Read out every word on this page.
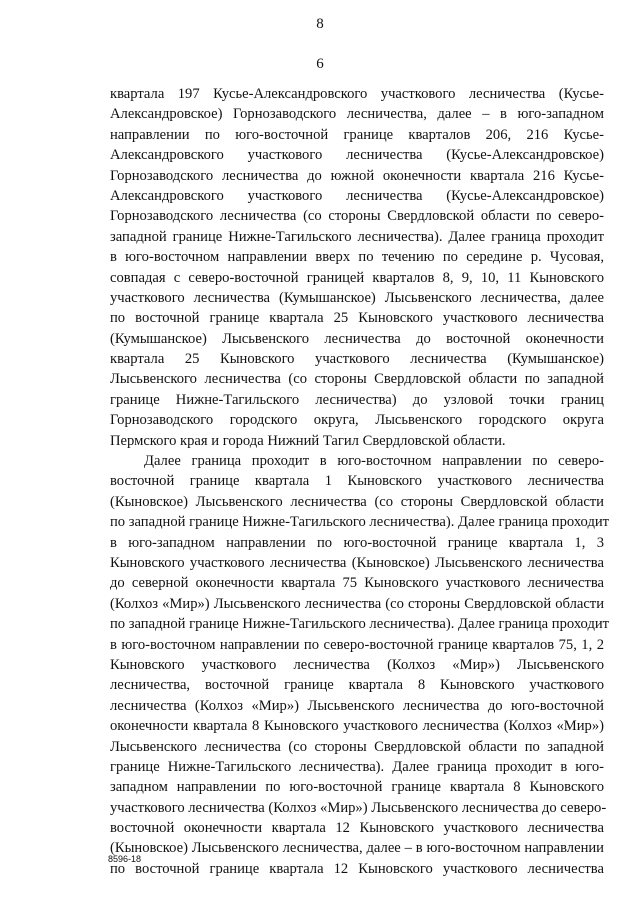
8
6
квартала 197 Кусье-Александровского участкового лесничества (Кусье-
Александровское) Горнозаводского лесничества, далее – в юго-западном
направлении по юго-восточной границе кварталов 206, 216 Кусье-
Александровского участкового лесничества (Кусье-Александровское)
Горнозаводского лесничества до южной оконечности квартала 216 Кусье-
Александровского участкового лесничества (Кусье-Александровское)
Горнозаводского лесничества (со стороны Свердловской области по северо-
западной границе Нижне-Тагильского лесничества). Далее граница проходит
в юго-восточном направлении вверх по течению по середине р. Чусовая,
совпадая с северо-восточной границей кварталов 8, 9, 10, 11 Кыновского
участкового лесничества (Кумышанское) Лысьвенского лесничества, далее
по восточной границе квартала 25 Кыновского участкового лесничества
(Кумышанское) Лысьвенского лесничества до восточной оконечности
квартала 25 Кыновского участкового лесничества (Кумышанское)
Лысьвенского лесничества (со стороны Свердловской области по западной
границе Нижне-Тагильского лесничества) до узловой точки границ
Горнозаводского городского округа, Лысьвенского городского округа
Пермского края и города Нижний Тагил Свердловской области.
Далее граница проходит в юго-восточном направлении по северо-
восточной границе квартала 1 Кыновского участкового лесничества
(Кыновское) Лысьвенского лесничества (со стороны Свердловской области
по западной границе Нижне-Тагильского лесничества). Далее граница проходит
в юго-западном направлении по юго-восточной границе квартала 1, 3
Кыновского участкового лесничества (Кыновское) Лысьвенского лесничества
до северной оконечности квартала 75 Кыновского участкового лесничества
(Колхоз «Мир») Лысьвенского лесничества (со стороны Свердловской области
по западной границе Нижне-Тагильского лесничества). Далее граница проходит
в юго-восточном направлении по северо-восточной границе кварталов 75, 1, 2
Кыновского участкового лесничества (Колхоз «Мир») Лысьвенского
лесничества, восточной границе квартала 8 Кыновского участкового
лесничества (Колхоз «Мир») Лысьвенского лесничества до юго-восточной
оконечности квартала 8 Кыновского участкового лесничества (Колхоз «Мир»)
Лысьвенского лесничества (со стороны Свердловской области по западной
границе Нижне-Тагильского лесничества). Далее граница проходит в юго-
западном направлении по юго-восточной границе квартала 8 Кыновского
участкового лесничества (Колхоз «Мир») Лысьвенского лесничества до северо-
восточной оконечности квартала 12 Кыновского участкового лесничества
(Кыновское) Лысьвенского лесничества, далее – в юго-восточном направлении
по восточной границе квартала 12 Кыновского участкового лесничества
8596-18
